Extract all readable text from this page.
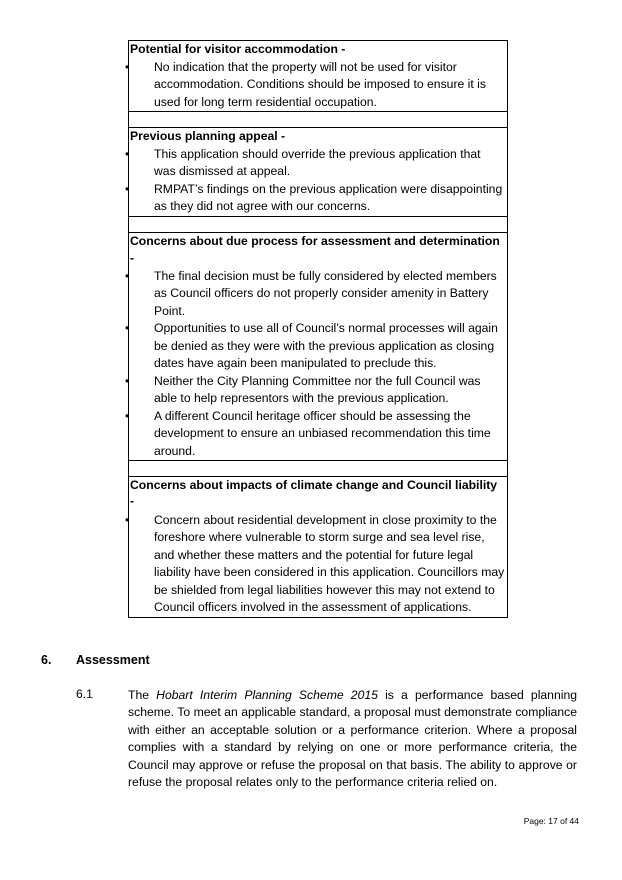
Potential for visitor accommodation -
• No indication that the property will not be used for visitor accommodation. Conditions should be imposed to ensure it is used for long term residential occupation.

Previous planning appeal -
• This application should override the previous application that was dismissed at appeal.
• RMPAT’s findings on the previous application were disappointing as they did not agree with our concerns.

Concerns about due process for assessment and determination -
• The final decision must be fully considered by elected members as Council officers do not properly consider amenity in Battery Point.
• Opportunities to use all of Council’s normal processes will again be denied as they were with the previous application as closing dates have again been manipulated to preclude this.
• Neither the City Planning Committee nor the full Council was able to help representors with the previous application.
• A different Council heritage officer should be assessing the development to ensure an unbiased recommendation this time around.

Concerns about impacts of climate change and Council liability
-
• Concern about residential development in close proximity to the foreshore where vulnerable to storm surge and sea level rise, and whether these matters and the potential for future legal liability have been considered in this application. Councillors may be shielded from legal liabilities however this may not extend to Council officers involved in the assessment of applications.
6. Assessment
6.1	The Hobart Interim Planning Scheme 2015 is a performance based planning scheme. To meet an applicable standard, a proposal must demonstrate compliance with either an acceptable solution or a performance criterion. Where a proposal complies with a standard by relying on one or more performance criteria, the Council may approve or refuse the proposal on that basis. The ability to approve or refuse the proposal relates only to the performance criteria relied on.
Page: 17 of 44
